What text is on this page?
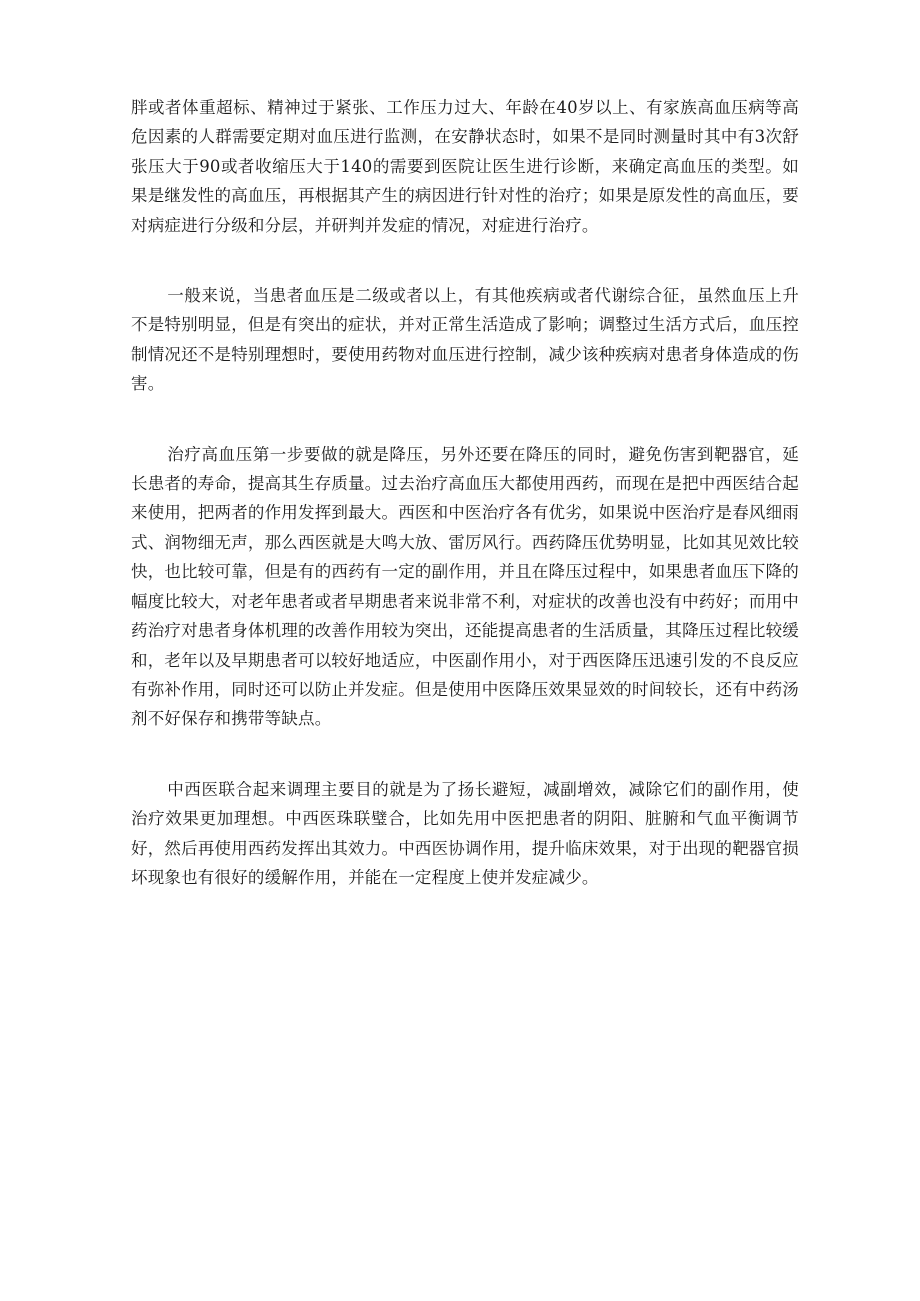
胖或者体重超标、精神过于紧张、工作压力过大、年龄在40岁以上、有家族高血压病等高危因素的人群需要定期对血压进行监测，在安静状态时，如果不是同时测量时其中有3次舒张压大于90或者收缩压大于140的需要到医院让医生进行诊断，来确定高血压的类型。如果是继发性的高血压，再根据其产生的病因进行针对性的治疗；如果是原发性的高血压，要对病症进行分级和分层，并研判并发症的情况，对症进行治疗。

一般来说，当患者血压是二级或者以上，有其他疾病或者代谢综合征，虽然血压上升不是特别明显，但是有突出的症状，并对正常生活造成了影响；调整过生活方式后，血压控制情况还不是特别理想时，要使用药物对血压进行控制，减少该种疾病对患者身体造成的伤害。

治疗高血压第一步要做的就是降压，另外还要在降压的同时，避免伤害到靶器官，延长患者的寿命，提高其生存质量。过去治疗高血压大都使用西药，而现在是把中西医结合起来使用，把两者的作用发挥到最大。西医和中医治疗各有优劣，如果说中医治疗是春风细雨式、润物细无声，那么西医就是大鸣大放、雷厉风行。西药降压优势明显，比如其见效比较快，也比较可靠，但是有的西药有一定的副作用，并且在降压过程中，如果患者血压下降的幅度比较大，对老年患者或者早期患者来说非常不利，对症状的改善也没有中药好；而用中药治疗对患者身体机理的改善作用较为突出，还能提高患者的生活质量，其降压过程比较缓和，老年以及早期患者可以较好地适应，中医副作用小，对于西医降压迅速引发的不良反应有弥补作用，同时还可以防止并发症。但是使用中医降压效果显效的时间较长，还有中药汤剂不好保存和携带等缺点。

中西医联合起来调理主要目的就是为了扬长避短，减副增效，减除它们的副作用，使治疗效果更加理想。中西医珠联璧合，比如先用中医把患者的阴阳、脏腑和气血平衡调节好，然后再使用西药发挥出其效力。中西医协调作用，提升临床效果，对于出现的靶器官损坏现象也有很好的缓解作用，并能在一定程度上使并发症减少。
